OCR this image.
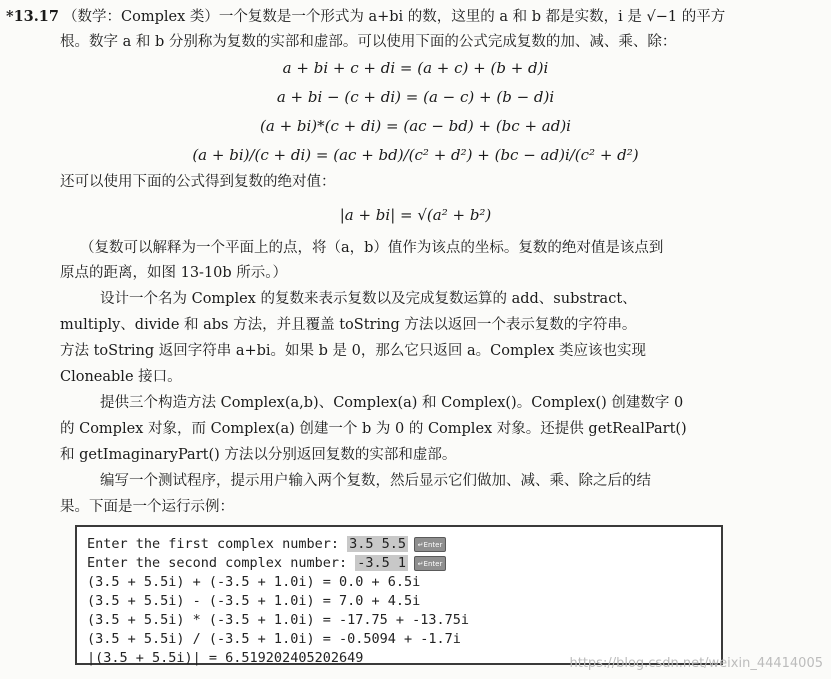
*13.17 （数学：Complex 类）一个复数是一个形式为 a+bi 的数，这里的 a 和 b 都是实数，i 是 √−1 的平方
根。数字 a 和 b 分别称为复数的实部和虚部。可以使用下面的公式完成复数的加、减、乘、除：
a + bi + c + di = (a + c) + (b + d)i
a + bi − (c + di) = (a − c) + (b − d)i
(a + bi)*(c + di) = (ac − bd) + (bc + ad)i
(a + bi)/(c + di) = (ac + bd)/(c² + d²) + (bc − ad)i/(c² + d²)
还可以使用下面的公式得到复数的绝对值：
|a + bi| = √(a² + b²)
（复数可以解释为一个平面上的点，将（a，b）值作为该点的坐标。复数的绝对值是该点到
原点的距离，如图 13-10b 所示。）
设计一个名为 Complex 的复数来表示复数以及完成复数运算的 add、substract、
multiply、divide 和 abs 方法，并且覆盖 toString 方法以返回一个表示复数的字符串。
方法 toString 返回字符串 a+bi。如果 b 是 0，那么它只返回 a。Complex 类应该也实现
Cloneable 接口。
提供三个构造方法 Complex(a,b)、Complex(a) 和 Complex()。Complex() 创建数字 0
的 Complex 对象，而 Complex(a) 创建一个 b 为 0 的 Complex 对象。还提供 getRealPart()
和 getImaginaryPart() 方法以分别返回复数的实部和虚部。
编写一个测试程序，提示用户输入两个复数，然后显示它们做加、减、乘、除之后的结
果。下面是一个运行示例：
Enter the first complex number: 3.5 5.5 ↵Enter
Enter the second complex number: -3.5 1 ↵Enter
(3.5 + 5.5i) + (-3.5 + 1.0i) = 0.0 + 6.5i
(3.5 + 5.5i) - (-3.5 + 1.0i) = 7.0 + 4.5i
(3.5 + 5.5i) * (-3.5 + 1.0i) = -17.75 + -13.75i
(3.5 + 5.5i) / (-3.5 + 1.0i) = -0.5094 + -1.7i
|(3.5 + 5.5i)| = 6.519202405202649	https://blog.csdn.net/weixin_44414005
